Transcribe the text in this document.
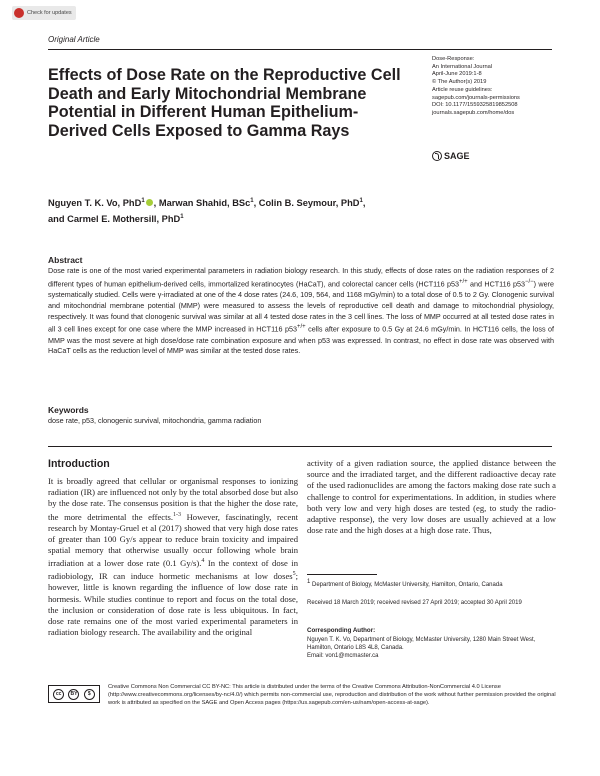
Check for updates
Original Article
Effects of Dose Rate on the Reproductive Cell Death and Early Mitochondrial Membrane Potential in Different Human Epithelium-Derived Cells Exposed to Gamma Rays
Dose-Response:
An International Journal
April-June 2019:1-8
© The Author(s) 2019
Article reuse guidelines:
sagepub.com/journals-permissions
DOI: 10.1177/1559325819852508
journals.sagepub.com/home/dos
SAGE
Nguyen T. K. Vo, PhD$^1$ , Marwan Shahid, BSc$^1$, Colin B. Seymour, PhD$^1$,
and Carmel E. Mothersill, PhD$^1$
Abstract

Dose rate is one of the most varied experimental parameters in radiation biology research. In this study, effects of dose rates on the radiation responses of 2 different types of human epithelium-derived cells, immortalized keratinocytes (HaCaT), and colorectal cancer cells (HCT116 p53+/+ and HCT116 p53−/−) were systematically studied. Cells were γ-irradiated at one of the 4 dose rates (24.6, 109, 564, and 1168 mGy/min) to a total dose of 0.5 to 2 Gy. Clonogenic survival and mitochondrial membrane potential (MMP) were measured to assess the levels of reproductive cell death and damage to mitochondrial physiology, respectively. It was found that clonogenic survival was similar at all 4 tested dose rates in the 3 cell lines. The loss of MMP occurred at all tested dose rates in all 3 cell lines except for one case where the MMP increased in HCT116 p53+/+ cells after exposure to 0.5 Gy at 24.6 mGy/min. In HCT116 cells, the loss of MMP was the most severe at high dose/dose rate combination exposure and when p53 was expressed. In contrast, no effect in dose rate was observed with HaCaT cells as the reduction level of MMP was similar at the tested dose rates.

Keywords

dose rate, p53, clonogenic survival, mitochondria, gamma radiation

Introduction

It is broadly agreed that cellular or organismal responses to ionizing radiation (IR) are influenced not only by the total absorbed dose but also by the dose rate. The consensus position is that the higher the dose rate, the more detrimental the effects.$^{1-3}$ However, fascinatingly, recent research by Montay-Gruel et al (2017) showed that very high dose rates of greater than 100 Gy/s appear to reduce brain toxicity and impaired spatial memory that otherwise usually occur following whole brain irradiation at a lower dose rate (0.1 Gy/s).$^4$ In the context of dose in radiobiology, IR can induce hormetic mechanisms at low doses$^5$; however, little is known regarding the influence of low dose rate in hormesis. While studies continue to report and focus on the total dose, the inclusion or consideration of dose rate is less ubiquitous. In fact, dose rate remains one of the most varied experimental parameters in radiation biology research. The availability and the original

activity of a given radiation source, the applied distance between the source and the irradiated target, and the different radioactive decay rate of the used radionuclides are among the factors making dose rate such a challenge to control for experimentations. In addition, in studies where both very low and very high doses are tested (eg, to study the radio-adaptive response), the very low doses are usually achieved at a low dose rate and the high doses at a high dose rate. Thus,

$^1$ Department of Biology, McMaster University, Hamilton, Ontario, Canada

Received 18 March 2019; received revised 27 April 2019; accepted 30 April 2019

Corresponding Author:

Nguyen T. K. Vo, Department of Biology, McMaster University, 1280 Main Street West, Hamilton, Ontario L8S 4L8, Canada.
Email: von1@mcmaster.ca
cc	BY	$

Creative Commons Non Commercial CC BY-NC: This article is distributed under the terms of the Creative Commons Attribution-NonCommercial 4.0 License (http://www.creativecommons.org/licenses/by-nc/4.0/) which permits non-commercial use, reproduction and distribution of the work without further permission provided the original work is attributed as specified on the SAGE and Open Access pages (https://us.sagepub.com/en-us/nam/open-access-at-sage).
